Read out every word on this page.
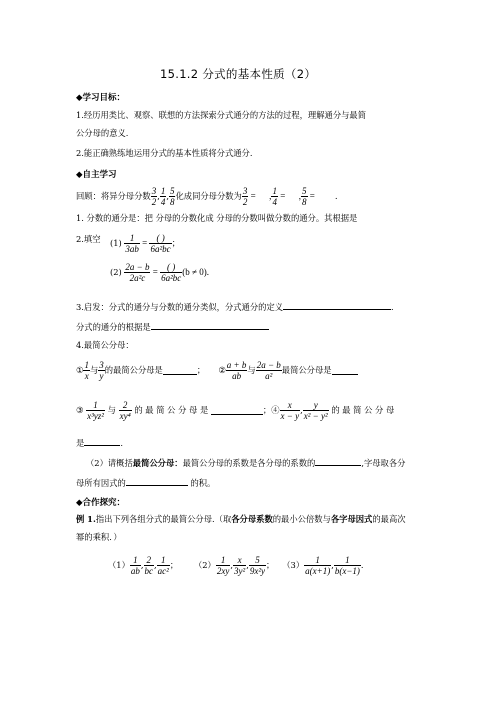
15.1.2 分式的基本性质（2）
◆学习目标：
1.经历用类比、观察、联想的方法探索分式通分的方法的过程，理解通分与最简
公分母的意义.
2.能正确熟练地运用分式的基本性质将分式通分.
◆自主学习
回顾：将异分母分数 $\frac{3}{2}$ , $\frac{1}{4}$ , $\frac{5}{8}$ 化成同分母分数为 $\frac{3}{2}$ =      , $\frac{1}{4}$ =      , $\frac{5}{8}$ =         .
1. 分数的通分是：把 分母的分数化成 分母的分数叫做分数的通分。其根据是
2.填空 (1)
$\frac{1}{3ab} = \frac{( )}{\text{6a²bc}}$ ；
(2)
$\frac{2a - b}{\text{2a²c}} = \frac{( )}{\text{6a²bc}} (b \ne 0)$.
3.启发：分式的通分与分数的通分类似，分式通分的定义	.
分式的通分的根据是
4.最简公分母：
① $\frac{1}{x}$ 与 $\frac{3}{y}$ 的最简公分母是	； ② $\frac{a + b}{ab}$ 与 $\frac{2a - b}{\text{a²}}$ 最简公分母是
③
$\frac{1}{\text{x³yz²}}$
与
$\frac{2}{\text{xy⁴}}$
的 最 简 公 分 母 是
	；④ $\frac{x}{x - y}$ , $\frac{y}{\text{x² − y²}}$
的 最 简 公 分 母
是	.
（2）请概括最简公分母：最简公分母的系数是各分母的系数的	,字母取各分
母所有因式的	的积。
◆合作探究：
例 1.指出下列各组分式的最简公分母.（取各分母系数的最小公倍数与各字母因式的最高次
幂的乘积．）
$(1) \frac{1}{ab}$ , $\frac{2}{bc}$ , $\frac{1}{\text{ac²}}$ ； $(2) \frac{1}{2xy}$ , $\frac{x}{\text{3y²}}$ , $\frac{5}{\text{9x²y}}$ ； $(3) \frac{1}{a(x+1)}$ , $\frac{1}{b(x-1)}$ .
